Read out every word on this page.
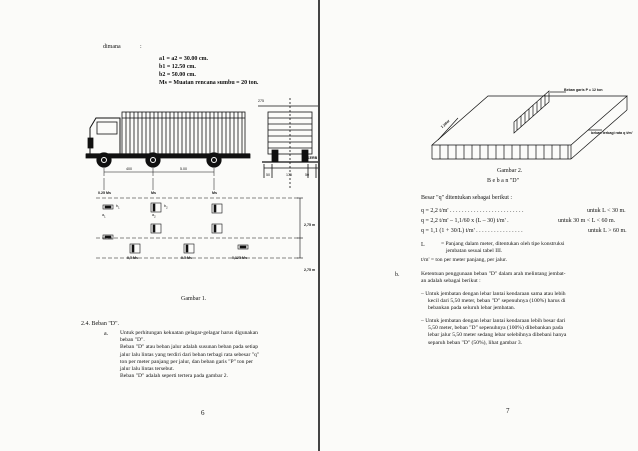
dimana	:
a1 = a2 = 30.00 cm.
b1 = 12.50 cm.
b2 = 50.00 cm.
Ms = Muatan rencana sumbu = 20 ton.
275
KERB
400	5.00
50	175	50
0.25 Ms	Ms	Ms
$b_1$
$a_1$
$b_2$
$a_2$
0,5 Ms	0.5 Ms	0,125 Ms
2,75 m
2,75 m
Gambar 1.
2.4. Beban "D".
a. Untuk perhitungan kekuatan gelagar-gelagar harus digunakan
beban "D".
Beban "D" atau beban jalur adalah susunan beban pada setiap
jalur lalu lintas yang terdiri dari beban terbagi rata sebesar "q"
ton per meter panjang per jalur, dan beban garis "P" ton per
jalur lalu lintas tersebut.
Beban "D" adalah seperti tertera pada gambar 2.
6
Beban garis P = 12 ton
beban terbagi rata q t/m'
1 jalur
Gambar 2.
B e b a n "D"
Besar "q" ditentukan sebagai berikut :
q = 2,2 t/m' . . . . . . . . . . . . . . . . . . . . . . . . .	untuk L < 30 m.
q = 2,2 t/m' – 1,1/60 x (L – 30) t/m' .	untuk 30 m < L < 60 m.
q = 1,1 (1 + 30/L) t/m' . . . . . . . . . . . . . . . .	untuk L > 60 m.
L	= Panjang dalam meter, ditentukan oleh tipe konstruksi
jembatan sesuai tabel III.
t/m' = ton per meter panjang, per jalur.
b.	Ketentuan penggunaan beban "D" dalam arah melintang jembat-
an adalah sebagai berikut :
– Untuk jembatan dengan lebar lantai kendaraan sama atau lebih
kecil dari 5,50 meter, beban "D" sepenuhnya (100%) harus di
bebankan pada seluruh lebar jembatan.
– Untuk jembatan dengan lebar lantai kendaraan lebih besar dari
5,50 meter, beban "D" sepenuhnya (100%) dibebankan pada
lebar jalur 5,50 meter sedang lebar selebihnya dibebani hanya
separuh beban "D" (50%), lihat gambar 3.
7
